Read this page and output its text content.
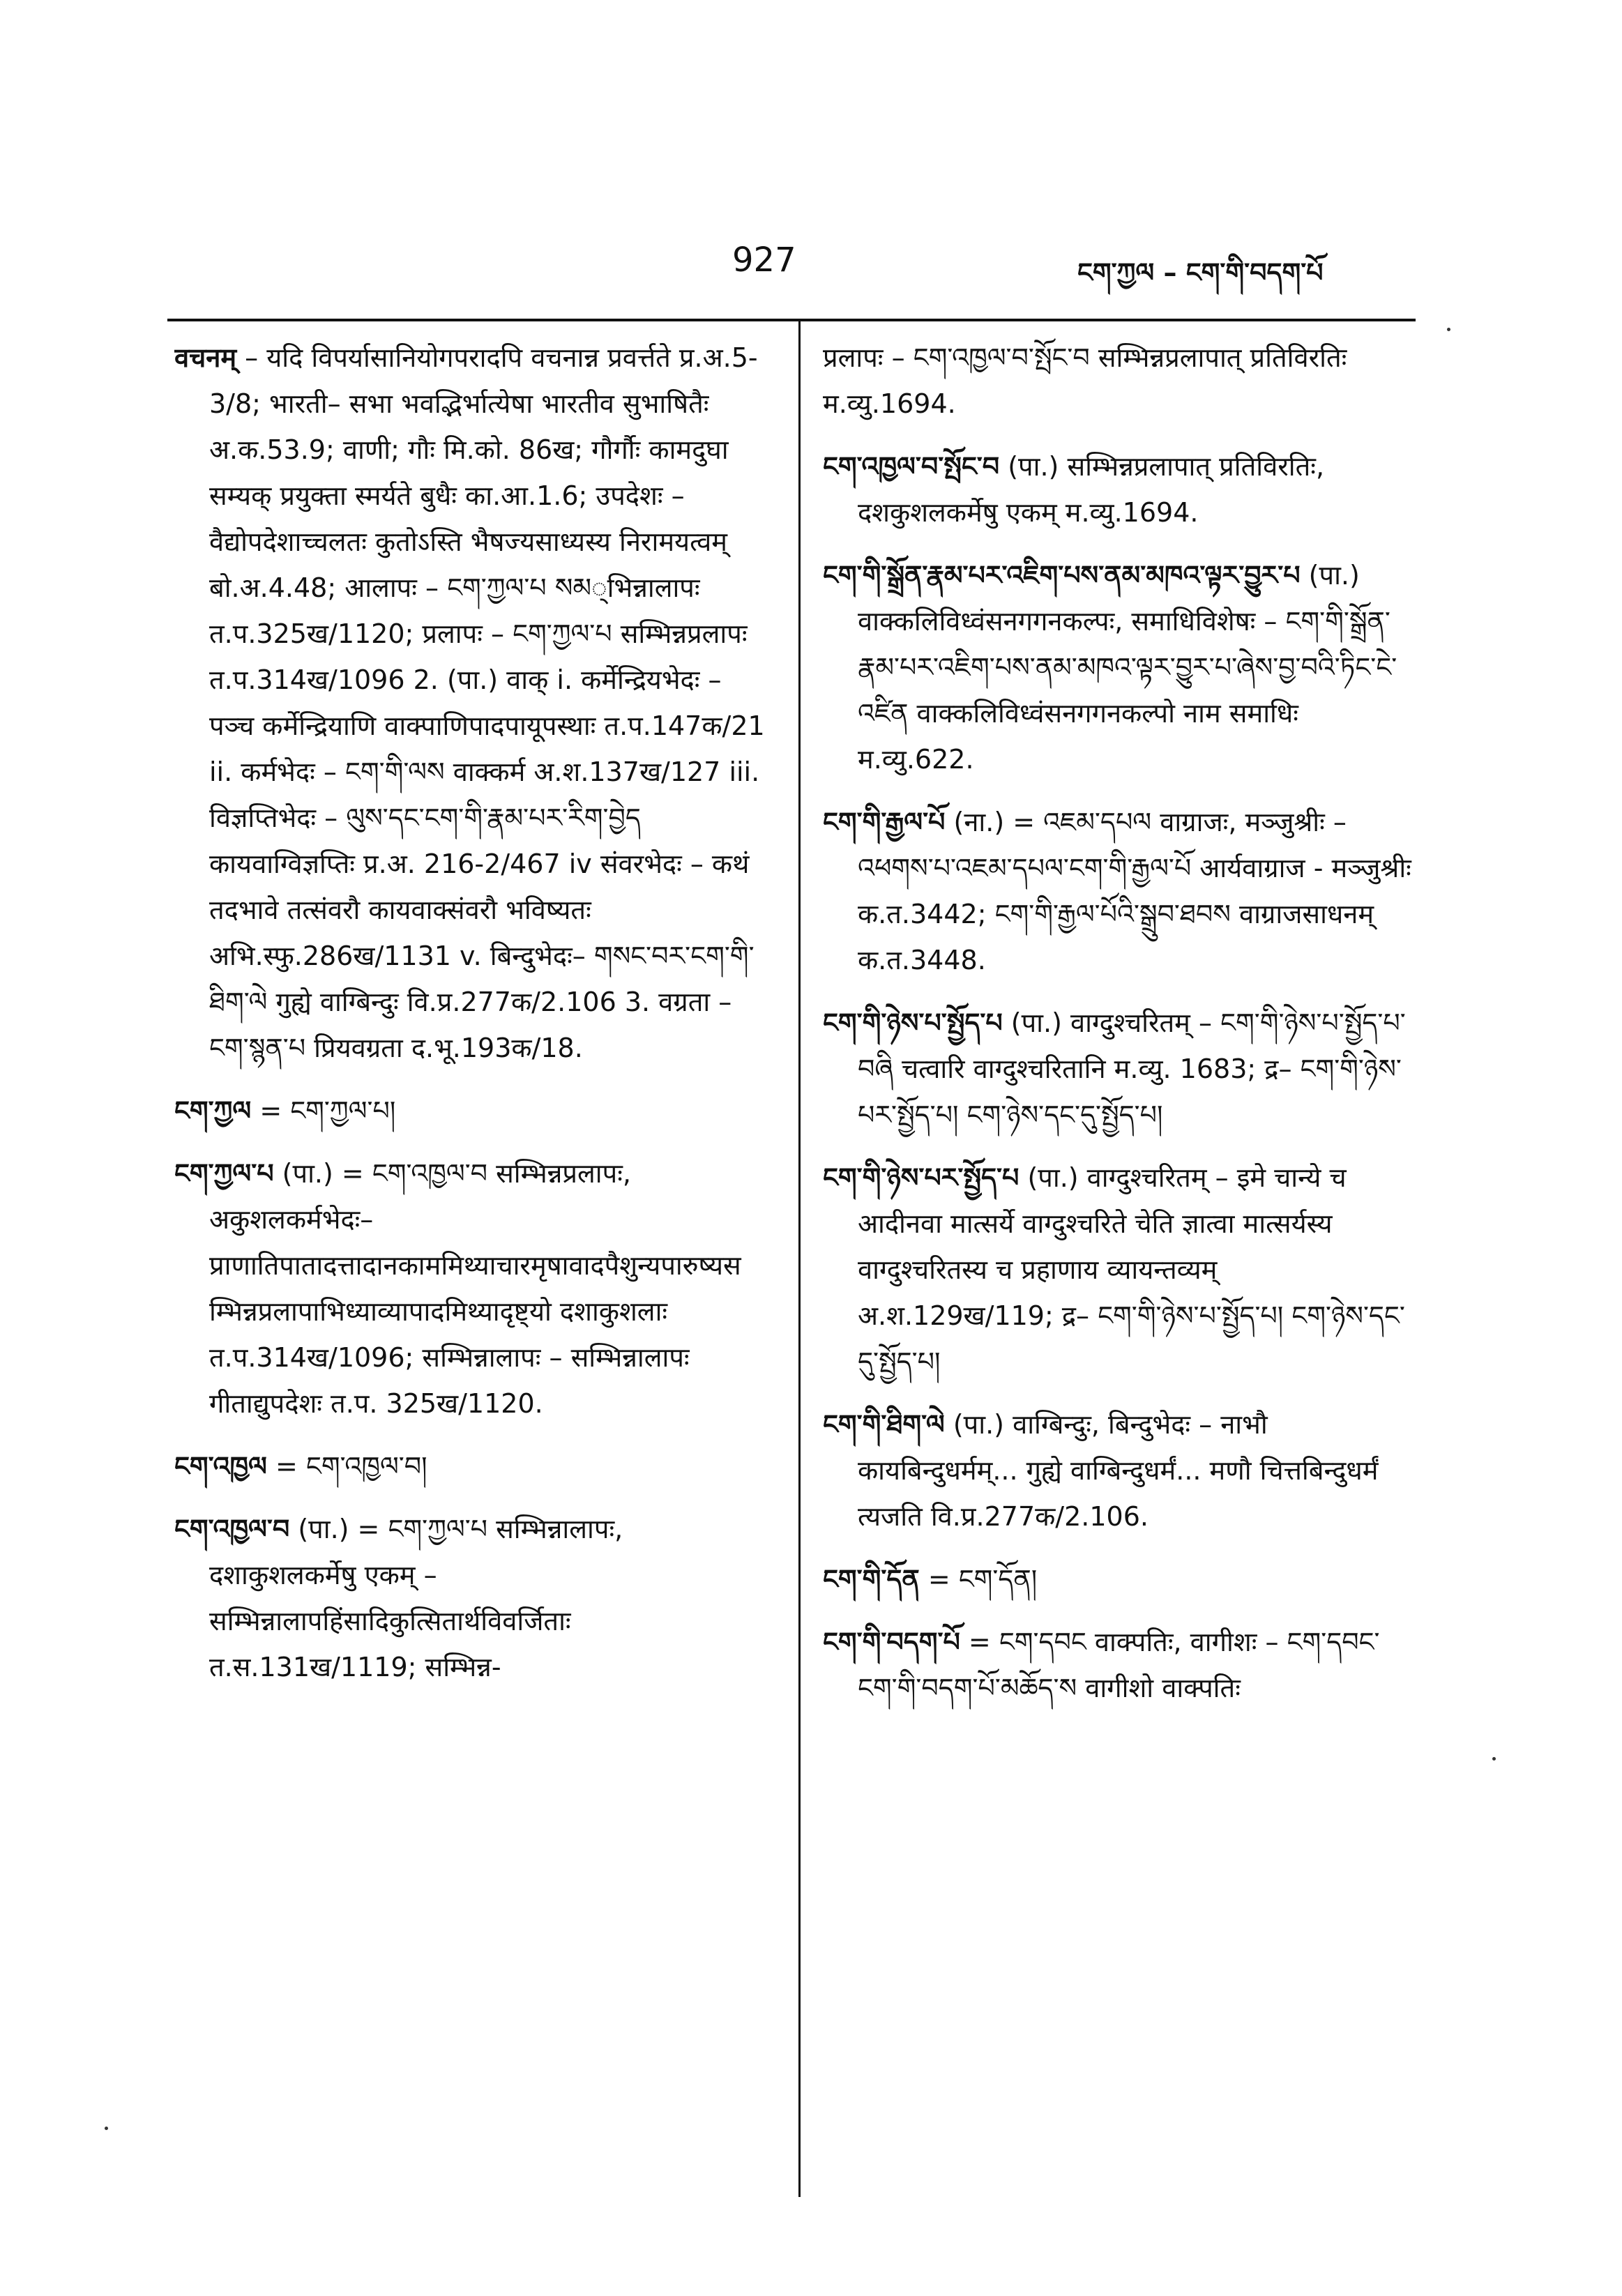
927	ངག་ཀྱལ – ངག་གི་བདག་པོ

वचनम् – यदि विपर्यासानियोगपरादपि वचनान्न प्रवर्त्तते प्र.अ.5-3/8; भारती– सभा भवद्भिर्भात्येषा भारतीव सुभाषितैः अ.क.53.9; वाणी; गौः मि.को. 86ख; गौर्गौः कामदुघा सम्यक् प्रयुक्ता स्मर्यते बुधैः का.आ.1.6; उपदेशः – वैद्योपदेशाच्चलतः कुतोऽस्ति भैषज्यसाध्यस्य निरामयत्वम् बो.अ.4.48; आलापः – ངག་ཀྱལ་པ སམ्भिन्नालापः त.प.325ख/1120; प्रलापः – ངག་ཀྱལ་པ सम्भिन्नप्रलापः त.प.314ख/1096 2. (पा.) वाक् i. कर्मेन्द्रियभेदः – पञ्च कर्मेन्द्रियाणि वाक्पाणिपादपायूपस्थाः त.प.147क/21 ii. कर्मभेदः – ངག་གི་ལས वाक्कर्म अ.श.137ख/127 iii. विज्ञप्तिभेदः – ལུས་དང་ངག་གི་རྣམ་པར་རིག་བྱེད कायवाग्विज्ञप्तिः प्र.अ. 216-2/467 iv संवरभेदः – कथं तदभावे तत्संवरौ कायवाक्संवरौ भविष्यतः अभि.स्फु.286ख/1131 v. बिन्दुभेदः– གསང་བར་ངག་གི་ཐིག་ལེ गुह्ये वाग्बिन्दुः वि.प्र.277क/2.106 3. वग्रता – ངག་སྙན་པ प्रियवग्रता द.भू.193क/18.

ངག་ཀྱལ = ངག་ཀྱལ་པ།

ངག་ཀྱལ་པ (पा.) = ངག་འཁྱལ་བ सम्भिन्नप्रलापः, अकुशलकर्मभेदः– प्राणातिपातादत्तादानकाममिथ्याचारमृषावादपैशुन्यपारुष्यसम्भिन्नप्रलापाभिध्याव्यापादमिथ्यादृष्ट्यो दशाकुशलाः त.प.314ख/1096; सम्भिन्नालापः – सम्भिन्नालापः गीताद्युपदेशः त.प. 325ख/1120.

ངག་འཁྱལ = ངག་འཁྱལ་བ།

ངག་འཁྱལ་བ (पा.) = ངག་ཀྱལ་པ सम्भिन्नालापः, दशाकुशलकर्मेषु एकम् – सम्भिन्नालापहिंसादिकुत्सितार्थविवर्जिताः त.स.131ख/1119; सम्भिन्न-

प्रलापः – ངག་འཁྱལ་བ་སྤོང་བ सम्भिन्नप्रलापात् प्रतिविरतिः म.व्यु.1694.

ངག་འཁྱལ་བ་སྤོང་བ (पा.) सम्भिन्नप्रलापात् प्रतिविरतिः, दशकुशलकर्मेषु एकम् म.व्यु.1694.

ངག་གི་སྒྲོན་རྣམ་པར་འཇིག་པས་ནམ་མཁའ་ལྟར་བྱུར་པ (पा.) वाक्कलिविध्वंसनगगनकल्पः, समाधिविशेषः – ངག་གི་སྒྲོན་རྣམ་པར་འཇིག་པས་ནམ་མཁའ་ལྟར་བྱུར་པ་ཞེས་བྱ་བའི་ཏིང་ངེ་འཛིན वाक्कलिविध्वंसनगगनकल्पो नाम समाधिः म.व्यु.622.

ངག་གི་རྒྱལ་པོ (ना.) = འཇམ་དཔལ वाग्राजः, मञ्जुश्रीः – འཕགས་པ་འཇམ་དཔལ་ངག་གི་རྒྱལ་པོ आर्यवाग्राज - मञ्जुश्रीः क.त.3442; ངག་གི་རྒྱལ་པོའི་སྒྲུབ་ཐབས वाग्राजसाधनम् क.त.3448.

ངག་གི་ཉེས་པ་སྤྱོད་པ (पा.) वाग्दुश्चरितम् – ངག་གི་ཉེས་པ་སྤྱོད་པ་བཞི चत्वारि वाग्दुश्चरितानि म.व्यु. 1683; द्र– ངག་གི་ཉེས་པར་སྤྱོད་པ། ངག་ཉེས་དང་དུ་སྤྱོད་པ།

ངག་གི་ཉེས་པར་སྤྱོད་པ (पा.) वाग्दुश्चरितम् – इमे चान्ये च आदीनवा मात्सर्ये वाग्दुश्चरिते चेति ज्ञात्वा मात्सर्यस्य वाग्दुश्चरितस्य च प्रहाणाय व्यायन्तव्यम् अ.श.129ख/119; द्र– ངག་གི་ཉེས་པ་སྤྱོད་པ། ངག་ཉེས་དང་དུ་སྤྱོད་པ།

ངག་གི་ཐིག་ལེ (पा.) वाग्बिन्दुः, बिन्दुभेदः – नाभौ कायबिन्दुधर्मम्... गुह्ये वाग्बिन्दुधर्मं... मणौ चित्तबिन्दुधर्मं त्यजति वि.प्र.277क/2.106.

ངག་གི་དོན = ངག་དོན།

ངག་གི་བདག་པོ = ངག་དབང वाक्पतिः, वागीशः – ངག་དབང་ངག་གི་བདག་པོ་མཆོད་ས वागीशो वाक्पतिः
